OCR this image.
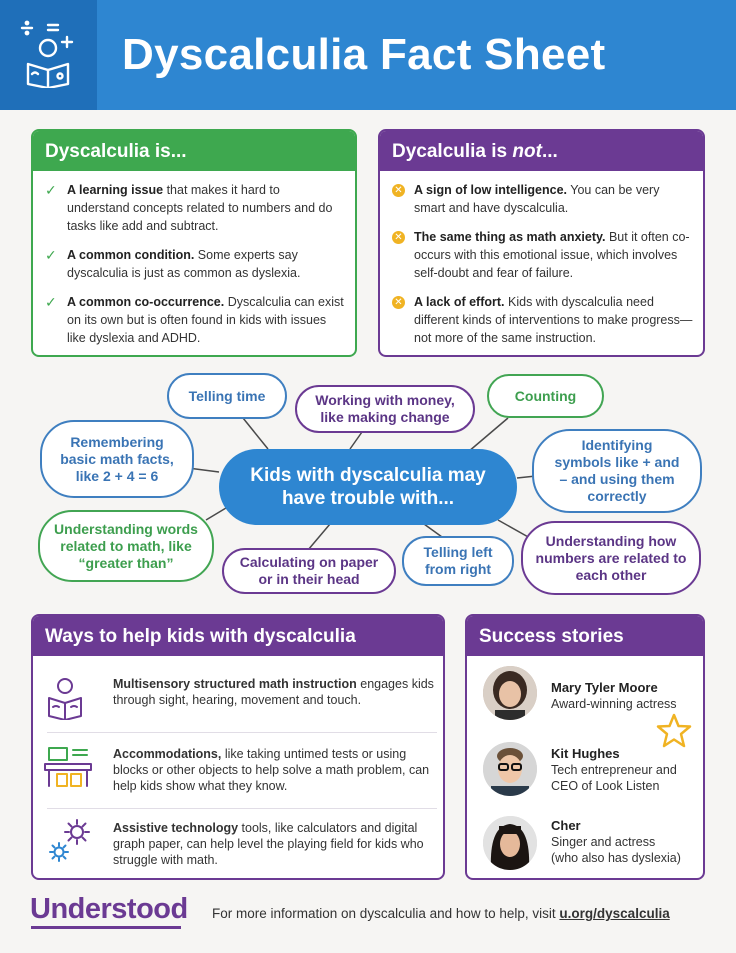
Dyscalculia Fact Sheet
Dyscalculia is...
✓ A learning issue that makes it hard to understand concepts related to numbers and do tasks like add and subtract.
✓ A common condition. Some experts say dyscalculia is just as common as dyslexia.
✓ A common co-occurrence. Dyscalculia can exist on its own but is often found in kids with issues like dyslexia and ADHD.
Dycalculia is not...
✕ A sign of low intelligence. You can be very smart and have dyscalculia.
✕ The same thing as math anxiety. But it often co-occurs with this emotional issue, which involves self-doubt and fear of failure.
✕ A lack of effort. Kids with dyscalculia need different kinds of interventions to make progress—not more of the same instruction.
Telling time	Working with money, like making change
Counting
Remembering basic math facts, like 2 + 4 = 6
Identifying symbols like + and – and using them correctly
Kids with dyscalculia may have trouble with...
Understanding words related to math, like “greater than”	Calculating on paper or in their head
Telling left from right
Understanding how numbers are related to each other
Ways to help kids with dyscalculia
Multisensory structured math instruction engages kids through sight, hearing, movement and touch.
Accommodations, like taking untimed tests or using blocks or other objects to help solve a math problem, can help kids show what they know.
Assistive technology tools, like calculators and digital graph paper, can help level the playing field for kids who struggle with math.
Success stories
Mary Tyler Moore
Award-winning actress
Kit Hughes
Tech entrepreneur and
CEO of Look Listen
Cher
Singer and actress
(who also has dyslexia)
Understood For more information on dyscalculia and how to help, visit u.org/dyscalculia
